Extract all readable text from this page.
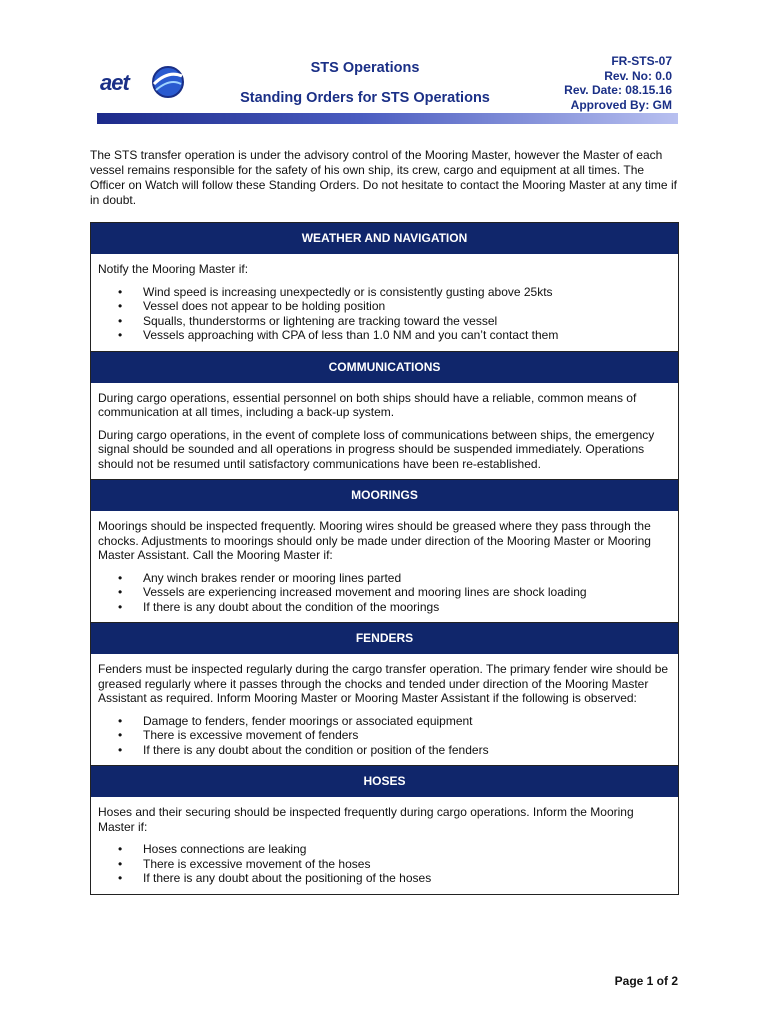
aet
STS Operations
Standing Orders for STS Operations
FR-STS-07
Rev. No: 0.0
Rev. Date: 08.15.16
Approved By: GM
The STS transfer operation is under the advisory control of the Mooring Master, however the Master of each vessel remains responsible for the safety of his own ship, its crew, cargo and equipment at all times. The Officer on Watch will follow these Standing Orders. Do not hesitate to contact the Mooring Master at any time if in doubt.
WEATHER AND NAVIGATION

Notify the Mooring Master if:

• Wind speed is increasing unexpectedly or is consistently gusting above 25kts
• Vessel does not appear to be holding position
• Squalls, thunderstorms or lightening are tracking toward the vessel
• Vessels approaching with CPA of less than 1.0 NM and you can’t contact them
COMMUNICATIONS

During cargo operations, essential personnel on both ships should have a reliable, common means of communication at all times, including a back-up system.

During cargo operations, in the event of complete loss of communications between ships, the emergency signal should be sounded and all operations in progress should be suspended immediately. Operations should not be resumed until satisfactory communications have been re-established.

MOORINGS

Moorings should be inspected frequently. Mooring wires should be greased where they pass through the chocks. Adjustments to moorings should only be made under direction of the Mooring Master or Mooring Master Assistant. Call the Mooring Master if:

• Any winch brakes render or mooring lines parted
• Vessels are experiencing increased movement and mooring lines are shock loading
• If there is any doubt about the condition of the moorings
FENDERS

Fenders must be inspected regularly during the cargo transfer operation. The primary fender wire should be greased regularly where it passes through the chocks and tended under direction of the Mooring Master Assistant as required. Inform Mooring Master or Mooring Master Assistant if the following is observed:

• Damage to fenders, fender moorings or associated equipment
• There is excessive movement of fenders
• If there is any doubt about the condition or position of the fenders
HOSES

Hoses and their securing should be inspected frequently during cargo operations. Inform the Mooring Master if:

• Hoses connections are leaking
• There is excessive movement of the hoses
• If there is any doubt about the positioning of the hoses
Page 1 of 2
